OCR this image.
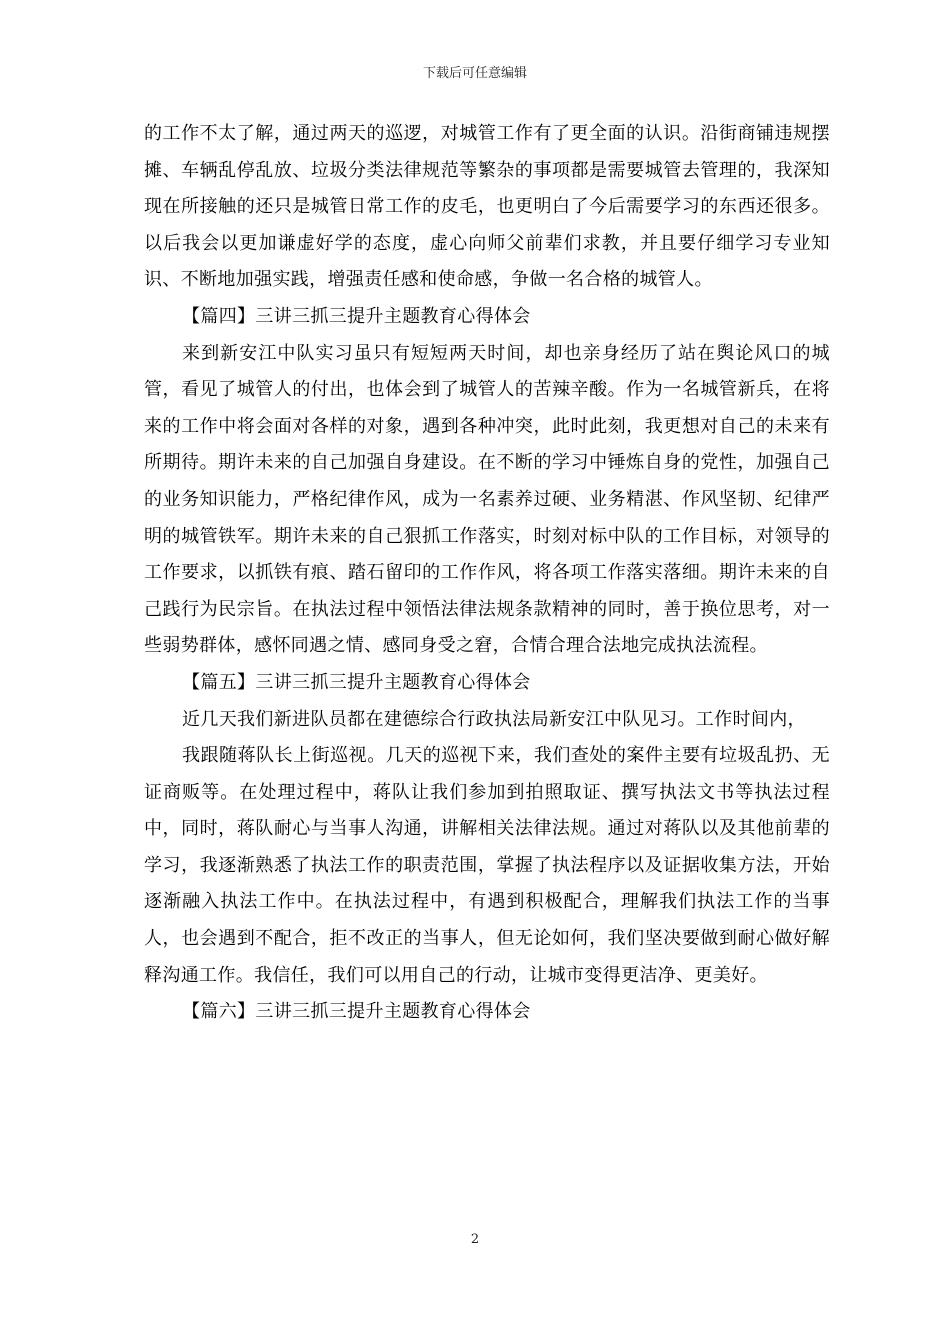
下载后可任意编辑

的工作不太了解，通过两天的巡逻，对城管工作有了更全面的认识。沿街商铺违规摆摊、车辆乱停乱放、垃圾分类法律规范等繁杂的事项都是需要城管去管理的，我深知现在所接触的还只是城管日常工作的皮毛，也更明白了今后需要学习的东西还很多。以后我会以更加谦虚好学的态度，虚心向师父前辈们求教，并且要仔细学习专业知识、不断地加强实践，增强责任感和使命感，争做一名合格的城管人。

【篇四】三讲三抓三提升主题教育心得体会

来到新安江中队实习虽只有短短两天时间，却也亲身经历了站在舆论风口的城管，看见了城管人的付出，也体会到了城管人的苦辣辛酸。作为一名城管新兵，在将来的工作中将会面对各样的对象，遇到各种冲突，此时此刻，我更想对自己的未来有所期待。期许未来的自己加强自身建设。在不断的学习中锤炼自身的党性，加强自己的业务知识能力，严格纪律作风，成为一名素养过硬、业务精湛、作风坚韧、纪律严明的城管铁军。期许未来的自己狠抓工作落实，时刻对标中队的工作目标，对领导的工作要求，以抓铁有痕、踏石留印的工作作风，将各项工作落实落细。期许未来的自己践行为民宗旨。在执法过程中领悟法律法规条款精神的同时，善于换位思考，对一些弱势群体，感怀同遇之情、感同身受之窘，合情合理合法地完成执法流程。

【篇五】三讲三抓三提升主题教育心得体会

近几天我们新进队员都在建德综合行政执法局新安江中队见习。工作时间内，

我跟随蒋队长上街巡视。几天的巡视下来，我们查处的案件主要有垃圾乱扔、无证商贩等。在处理过程中，蒋队让我们参加到拍照取证、撰写执法文书等执法过程中，同时，蒋队耐心与当事人沟通，讲解相关法律法规。通过对蒋队以及其他前辈的学习，我逐渐熟悉了执法工作的职责范围，掌握了执法程序以及证据收集方法，开始逐渐融入执法工作中。在执法过程中，有遇到积极配合，理解我们执法工作的当事人，也会遇到不配合，拒不改正的当事人，但无论如何，我们坚决要做到耐心做好解释沟通工作。我信任，我们可以用自己的行动，让城市变得更洁净、更美好。

【篇六】三讲三抓三提升主题教育心得体会

2
